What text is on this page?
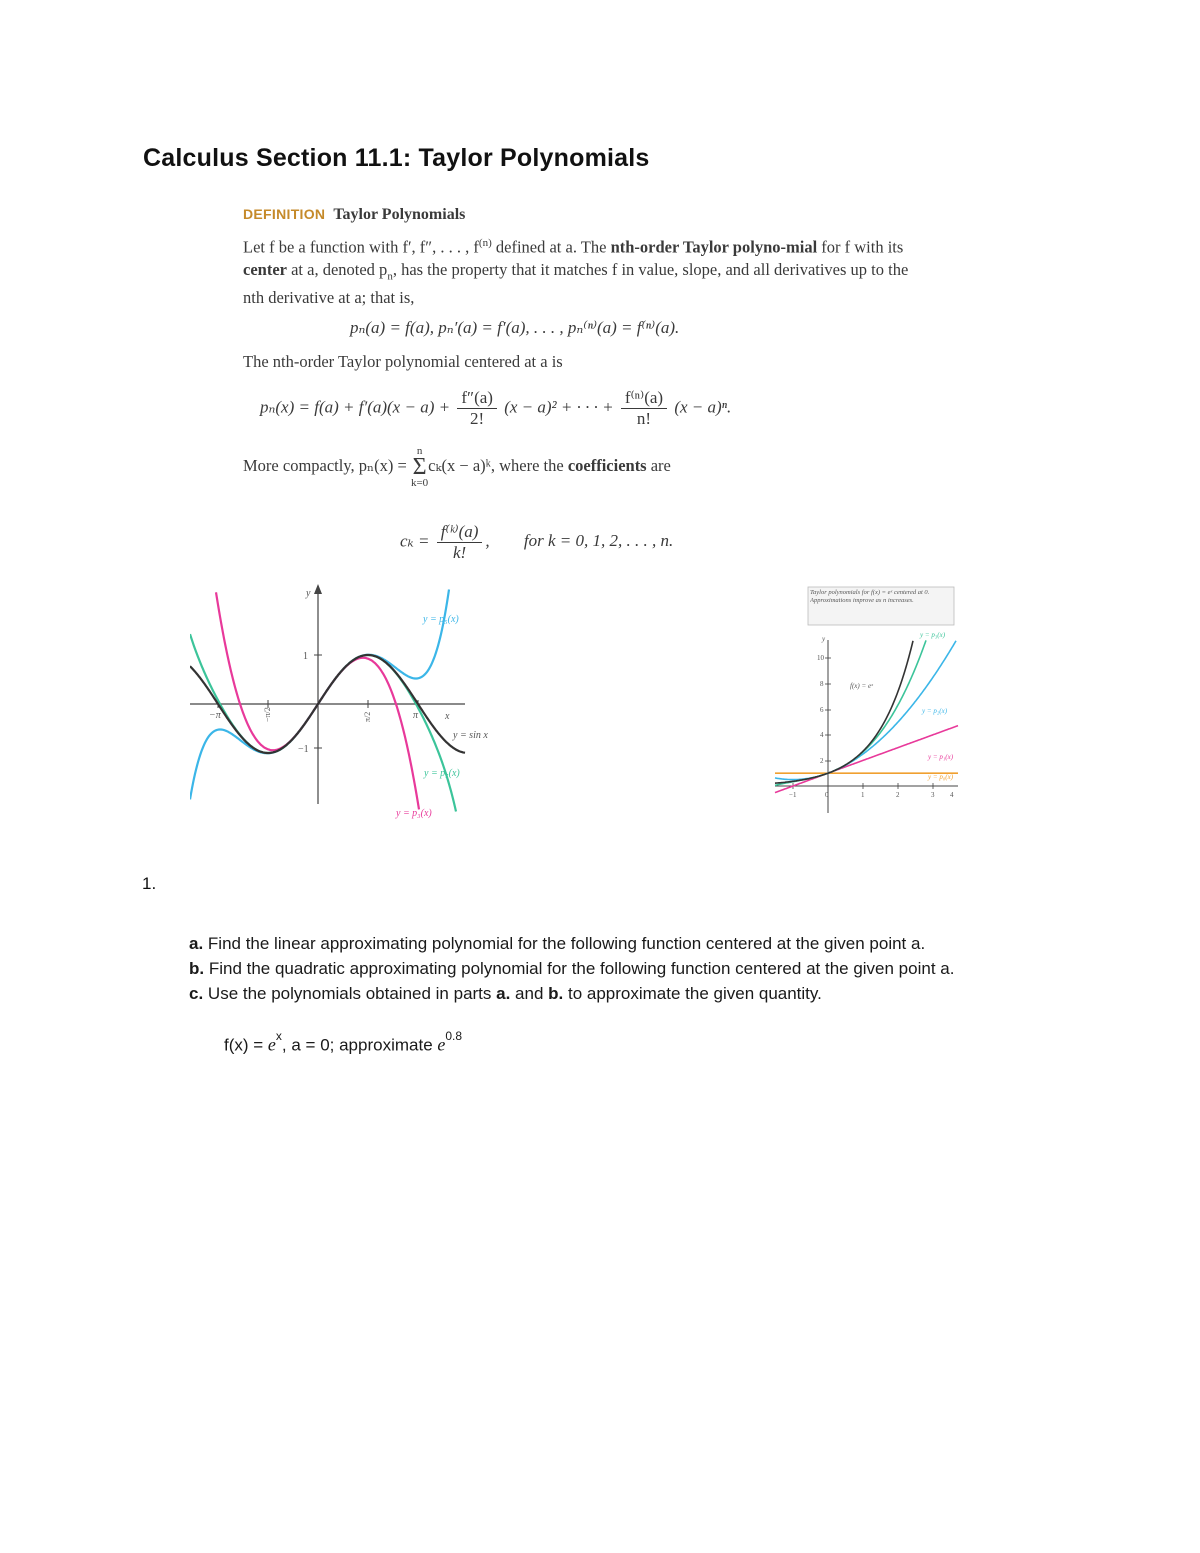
Calculus Section 11.1: Taylor Polynomials
DEFINITION Taylor Polynomials

Let f be a function with f′, f″, . . . , $f^{(n)}$ defined at a. The nth-order Taylor polyno-mial for f with its center at a, denoted $p_n$, has the property that it matches f in value, slope, and all derivatives up to the nth derivative at a; that is,

pₙ(a) = f(a), pₙ′(a) = f′(a), . . . , pₙ⁽ⁿ⁾(a) = f⁽ⁿ⁾(a).
The nth-order Taylor polynomial centered at a is
$p_n(x) = f(a) + f'(a)(x - a) + \frac{f''(a)}{2!} (x - a)^2$ + · · · + $\frac{\text{f⁽ⁿ⁾(a)}}{n!} (x - a)^n$.
More compactly, pₙ(x) = n
Σ
k=0cₖ(x − a)ᵏ, where the coefficients are
$c_k = \frac{\text{f⁽ᵏ⁾(a)}}{k!}$ , for k = 0, 1, 2, . . . , n.
y
x
1
−1
−π	π
−π/2	π/2
y = p₅(x)
y = sin x
y = p₇(x)
y = p₃(x)
Taylor polynomials for f(x) = eˣ centered at 0. Approximations improve as n increases.
y
10
8
6
4
2
−1	0	1	2	3 4
f(x) = eˣ
y = p₃(x)
y = p₂(x)
y = p₁(x)
y = p₀(x)
1.

a. Find the linear approximating polynomial for the following function centered at the given point a.

b. Find the quadratic approximating polynomial for the following function centered at the given point a.

c. Use the polynomials obtained in parts a. and b. to approximate the given quantity.

$f(x) = e^x$, a = 0; approximate $e^{0.8}$
